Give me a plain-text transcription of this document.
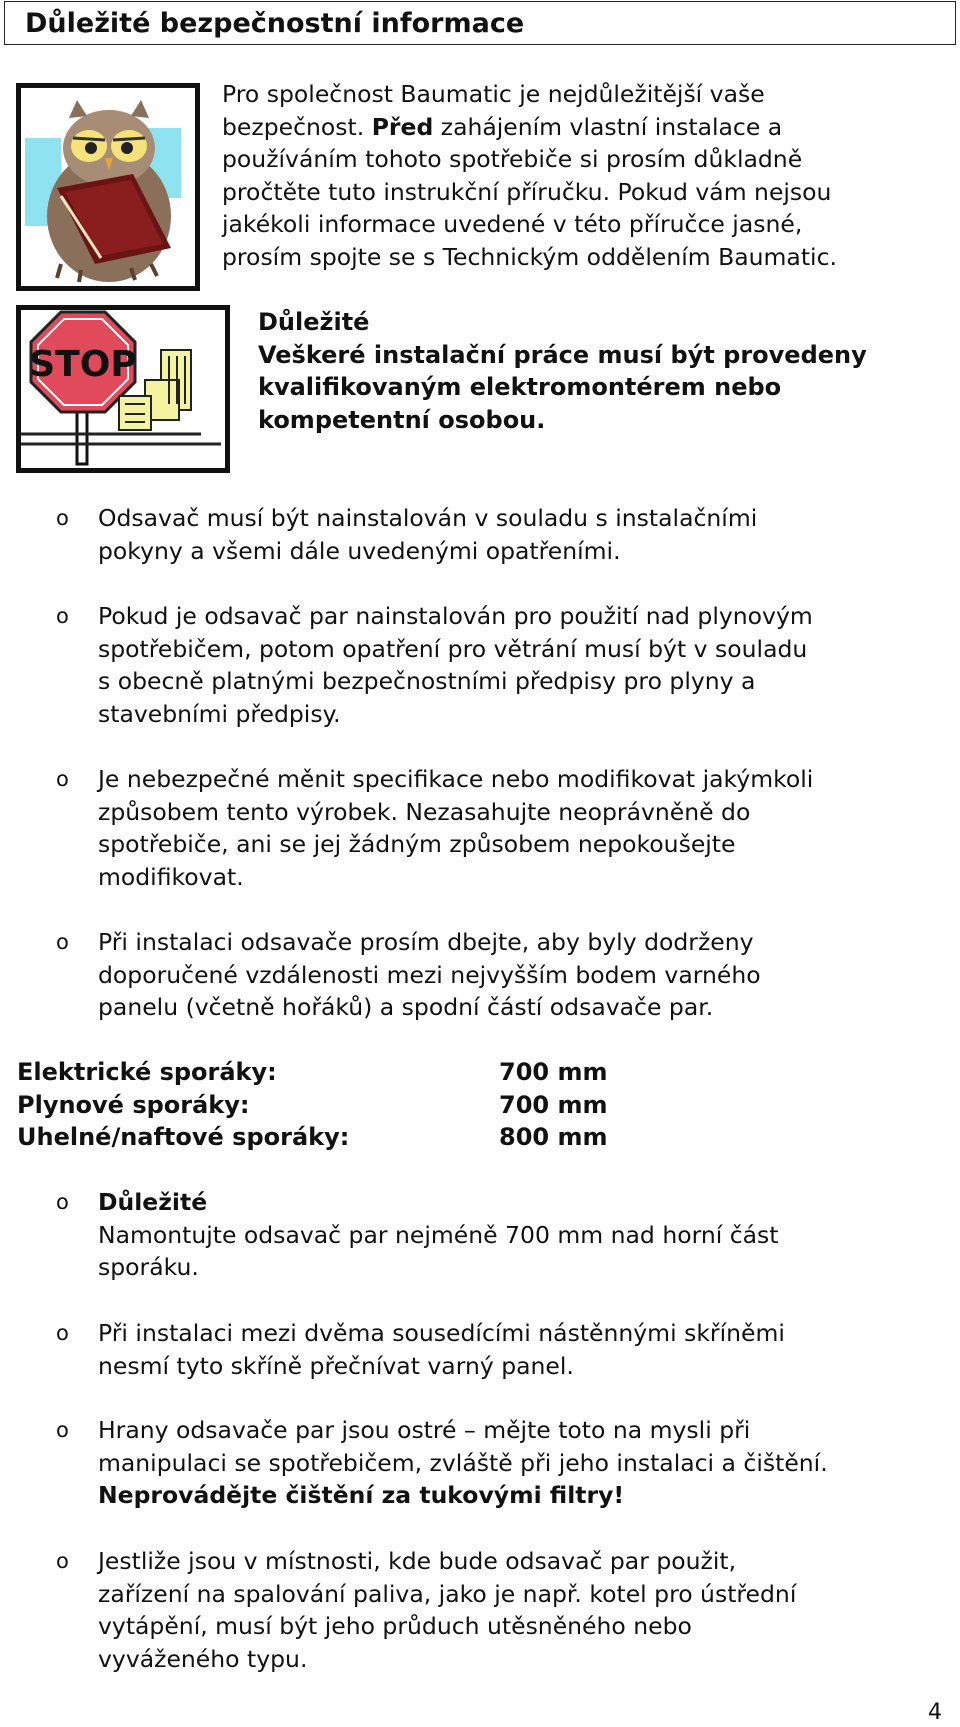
Důležité bezpečnostní informace
Pro společnost Baumatic je nejdůležitější vaše
bezpečnost. Před zahájením vlastní instalace a
používáním tohoto spotřebiče si prosím důkladně
pročtěte tuto instrukční příručku. Pokud vám nejsou
jakékoli informace uvedené v této příručce jasné,
prosím spojte se s Technickým oddělením Baumatic.
STOP
Důležité
Veškeré instalační práce musí být provedeny
kvalifikovaným elektromontérem nebo
kompetentní osobou.
o Odsavač musí být nainstalován v souladu s instalačními
pokyny a všemi dále uvedenými opatřeními.
o Pokud je odsavač par nainstalován pro použití nad plynovým
spotřebičem, potom opatření pro větrání musí být v souladu
s obecně platnými bezpečnostními předpisy pro plyny a
stavebními předpisy.
o Je nebezpečné měnit specifikace nebo modifikovat jakýmkoli
způsobem tento výrobek. Nezasahujte neoprávněně do
spotřebiče, ani se jej žádným způsobem nepokoušejte
modifikovat.
o Při instalaci odsavače prosím dbejte, aby byly dodrženy
doporučené vzdálenosti mezi nejvyšším bodem varného
panelu (včetně hořáků) a spodní částí odsavače par.
Elektrické sporáky:	700 mm
Plynové sporáky:	700 mm
Uhelné/naftové sporáky:	800 mm
o Důležité
Namontujte odsavač par nejméně 700 mm nad horní část
sporáku.
o Při instalaci mezi dvěma sousedícími nástěnnými skříněmi
nesmí tyto skříně přečnívat varný panel.
o Hrany odsavače par jsou ostré – mějte toto na mysli při
manipulaci se spotřebičem, zvláště při jeho instalaci a čištění.
Neprovádějte čištění za tukovými filtry!
o Jestliže jsou v místnosti, kde bude odsavač par použit,
zařízení na spalování paliva, jako je např. kotel pro ústřední
vytápění, musí být jeho průduch utěsněného nebo
vyváženého typu.
4
